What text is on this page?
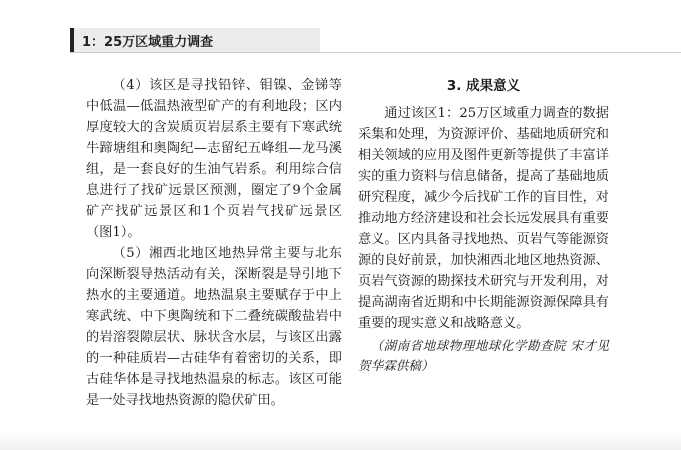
1：25万区域重力调查

（4）该区是寻找铅锌、钼镍、金锑等中低温—低温热液型矿产的有利地段；区内厚度较大的含炭质页岩层系主要有下寒武统牛蹄塘组和奥陶纪—志留纪五峰组—龙马溪组，是一套良好的生油气岩系。利用综合信息进行了找矿远景区预测，圈定了9个金属矿产找矿远景区和1个页岩气找矿远景区（图1）。

（5）湘西北地区地热异常主要与北东向深断裂导热活动有关，深断裂是导引地下热水的主要通道。地热温泉主要赋存于中上寒武统、中下奥陶统和下二叠统碳酸盐岩中的岩溶裂隙层状、脉状含水层，与该区出露的一种硅质岩—古硅华有着密切的关系，即古硅华体是寻找地热温泉的标志。该区可能是一处寻找地热资源的隐伏矿田。

3. 成果意义

通过该区1：25万区域重力调查的数据采集和处理，为资源评价、基础地质研究和相关领域的应用及图件更新等提供了丰富详实的重力资料与信息储备，提高了基础地质研究程度，减少今后找矿工作的盲目性，对推动地方经济建设和社会长远发展具有重要意义。区内具备寻找地热、页岩气等能源资源的良好前景，加快湘西北地区地热资源、页岩气资源的勘探技术研究与开发利用，对提高湖南省近期和中长期能源资源保障具有重要的现实意义和战略意义。

（湖南省地球物理地球化学勘查院 宋才见　贺华霖供稿）
